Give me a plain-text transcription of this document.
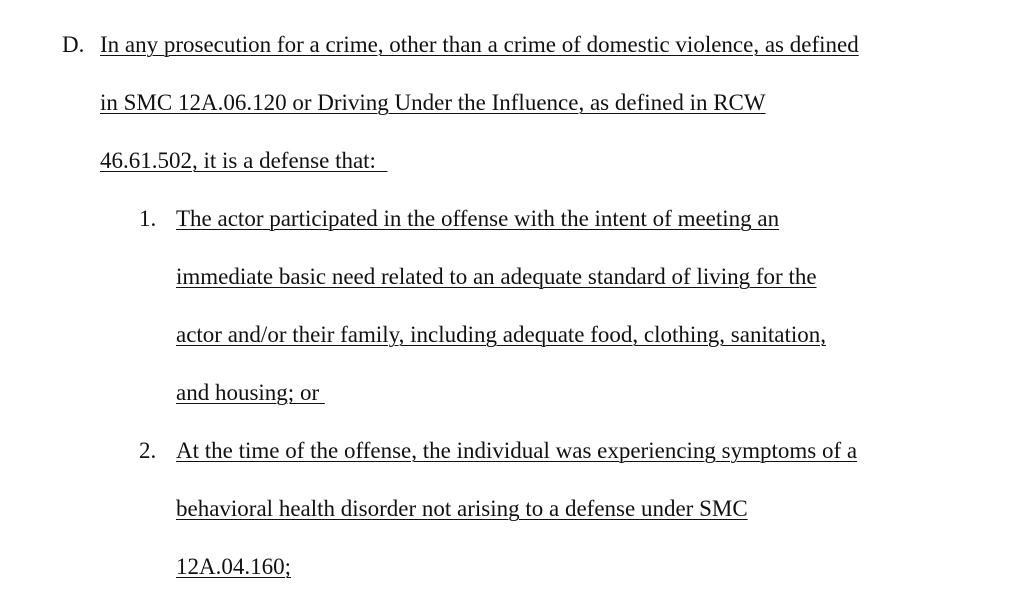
D. In any prosecution for a crime, other than a crime of domestic violence, as defined
in SMC 12A.06.120 or Driving Under the Influence, as defined in RCW
46.61.502, it is a defense that:
1. The actor participated in the offense with the intent of meeting an
immediate basic need related to an adequate standard of living for the
actor and/or their family, including adequate food, clothing, sanitation,
and housing; or
2. At the time of the offense, the individual was experiencing symptoms of a
behavioral health disorder not arising to a defense under SMC
12A.04.160;
